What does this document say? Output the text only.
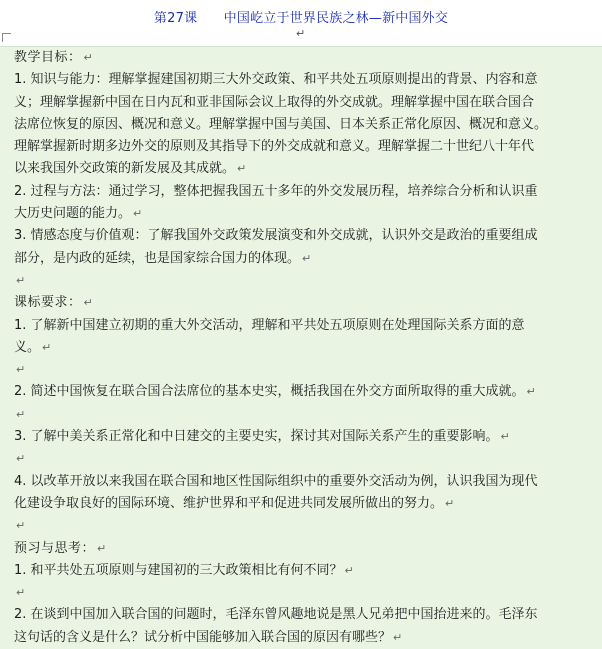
第27课　　中国屹立于世界民族之林—新中国外交
↵
教学目标： ↵
1. 知识与能力：理解掌握建国初期三大外交政策、和平共处五项原则提出的背景、内容和意
义；理解掌握新中国在日内瓦和亚非国际会议上取得的外交成就。理解掌握中国在联合国合
法席位恢复的原因、概况和意义。理解掌握中国与美国、日本关系正常化原因、概况和意义。
理解掌握新时期多边外交的原则及其指导下的外交成就和意义。理解掌握二十世纪八十年代
以来我国外交政策的新发展及其成就。 ↵
2. 过程与方法：通过学习，整体把握我国五十多年的外交发展历程，培养综合分析和认识重
大历史问题的能力。 ↵
3. 情感态度与价值观：了解我国外交政策发展演变和外交成就，认识外交是政治的重要组成
部分，是内政的延续，也是国家综合国力的体现。 ↵
↵
课标要求： ↵
1. 了解新中国建立初期的重大外交活动，理解和平共处五项原则在处理国际关系方面的意
义。 ↵
↵
2. 简述中国恢复在联合国合法席位的基本史实，概括我国在外交方面所取得的重大成就。 ↵
↵
3. 了解中美关系正常化和中日建交的主要史实，探讨其对国际关系产生的重要影响。 ↵
↵
4. 以改革开放以来我国在联合国和地区性国际组织中的重要外交活动为例，认识我国为现代
化建设争取良好的国际环境、维护世界和平和促进共同发展所做出的努力。 ↵
↵
预习与思考： ↵
1. 和平共处五项原则与建国初的三大政策相比有何不同？ ↵
↵
2. 在谈到中国加入联合国的问题时，毛泽东曾风趣地说是黑人兄弟把中国抬进来的。毛泽东
这句话的含义是什么？试分析中国能够加入联合国的原因有哪些？ ↵
